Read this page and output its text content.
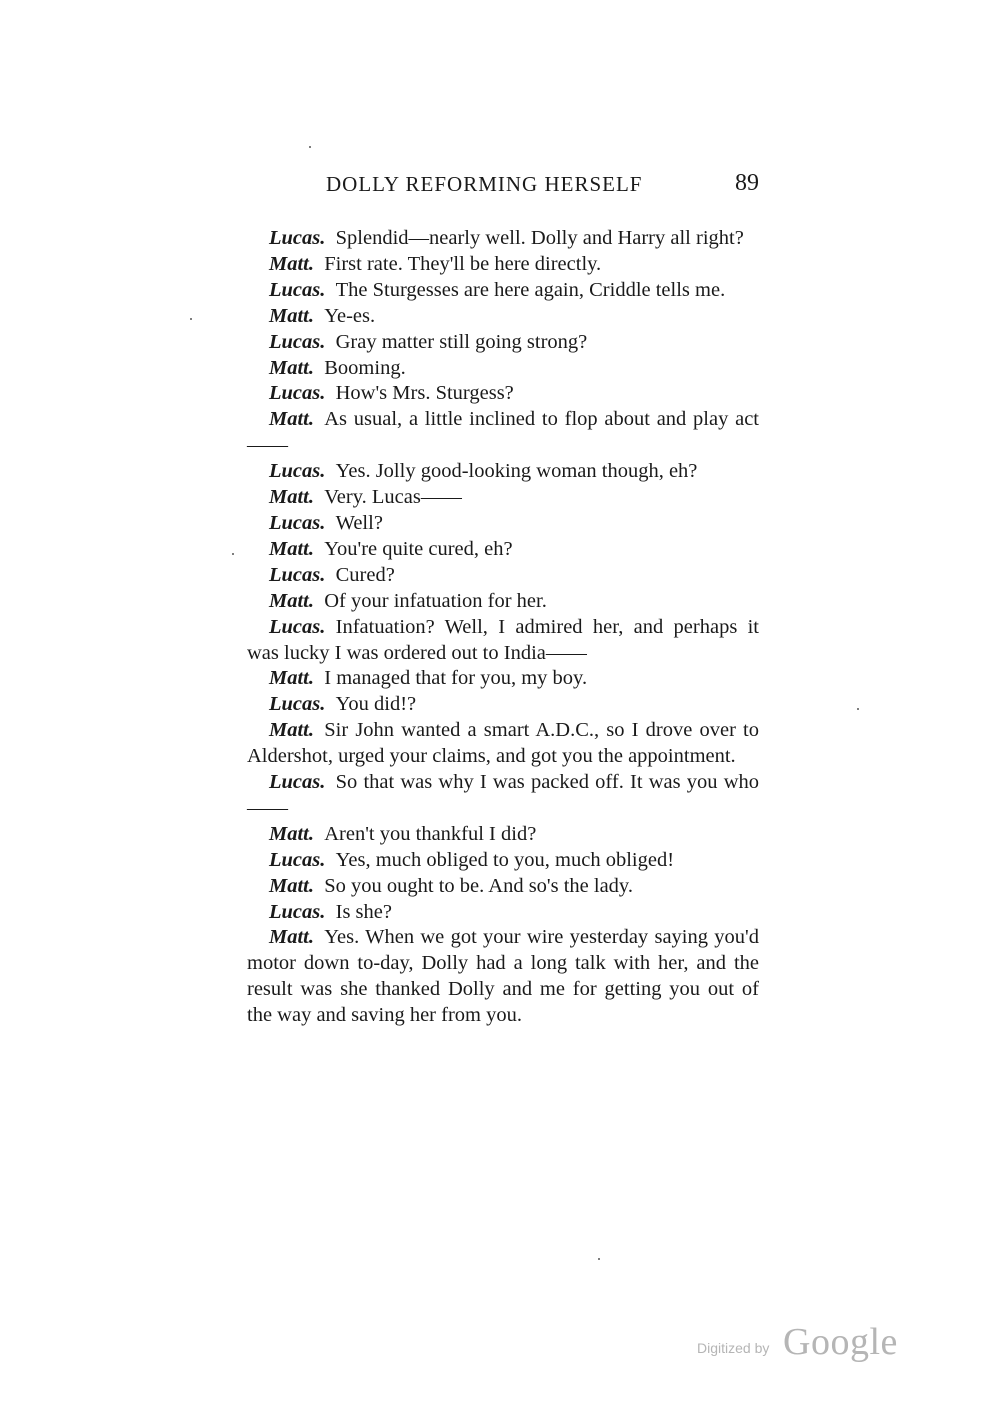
DOLLY REFORMING HERSELF	89

Lucas.  Splendid—nearly well. Dolly and Harry all right?

Matt.  First rate. They'll be here directly.

Lucas.  The Sturgesses are here again, Criddle tells me.

Matt.  Ye-es.

Lucas.  Gray matter still going strong?

Matt.  Booming.

Lucas.  How's Mrs. Sturgess?

Matt.  As usual, a little inclined to flop about and play act——

Lucas.  Yes. Jolly good-looking woman though, eh?

Matt.  Very. Lucas——

Lucas.  Well?

Matt.  You're quite cured, eh?

Lucas.  Cured?

Matt.  Of your infatuation for her.

Lucas.  Infatuation? Well, I admired her, and perhaps it was lucky I was ordered out to India——

Matt.  I managed that for you, my boy.

Lucas.  You did!?

Matt.  Sir John wanted a smart A.D.C., so I drove over to Aldershot, urged your claims, and got you the appointment.

Lucas.  So that was why I was packed off. It was you who——

Matt.  Aren't you thankful I did?

Lucas.  Yes, much obliged to you, much obliged!

Matt.  So you ought to be. And so's the lady.

Lucas.  Is she?

Matt.  Yes. When we got your wire yesterday saying you'd motor down to-day, Dolly had a long talk with her, and the result was she thanked Dolly and me for getting you out of the way and saving her from you.

Digitized by Google
